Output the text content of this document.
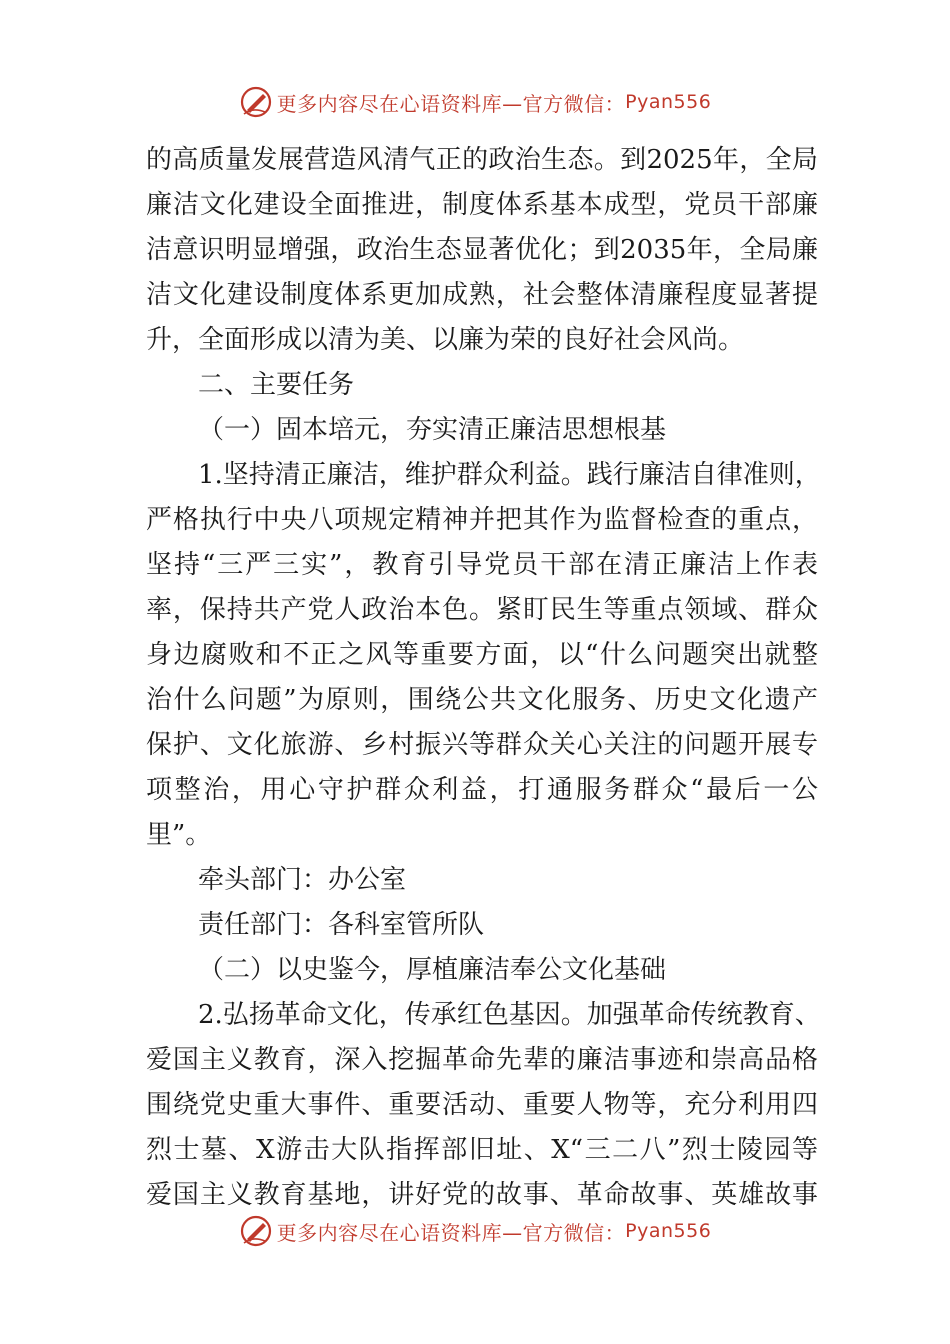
更多内容尽在心语资料库—官方微信： Pyan556
的高质量发展营造风清气正的政治生态。到2025年，全局
廉洁文化建设全面推进，制度体系基本成型，党员干部廉
洁意识明显增强，政治生态显著优化；到2035年，全局廉
洁文化建设制度体系更加成熟，社会整体清廉程度显著提
升，全面形成以清为美、以廉为荣的良好社会风尚。
二、主要任务
（一）固本培元，夯实清正廉洁思想根基
1.坚持清正廉洁，维护群众利益。践行廉洁自律准则，
严格执行中央八项规定精神并把其作为监督检查的重点，
坚持“三严三实”，教育引导党员干部在清正廉洁上作表
率，保持共产党人政治本色。紧盯民生等重点领域、群众
身边腐败和不正之风等重要方面，以“什么问题突出就整
治什么问题”为原则，围绕公共文化服务、历史文化遗产
保护、文化旅游、乡村振兴等群众关心关注的问题开展专
项整治，用心守护群众利益，打通服务群众“最后一公
里”。
牵头部门：办公室
责任部门：各科室管所队
（二）以史鉴今，厚植廉洁奉公文化基础
2.弘扬革命文化，传承红色基因。加强革命传统教育、
爱国主义教育，深入挖掘革命先辈的廉洁事迹和崇高品格
围绕党史重大事件、重要活动、重要人物等，充分利用四
烈士墓、X游击大队指挥部旧址、X“三二八”烈士陵园等
爱国主义教育基地，讲好党的故事、革命故事、英雄故事
更多内容尽在心语资料库—官方微信： Pyan556
